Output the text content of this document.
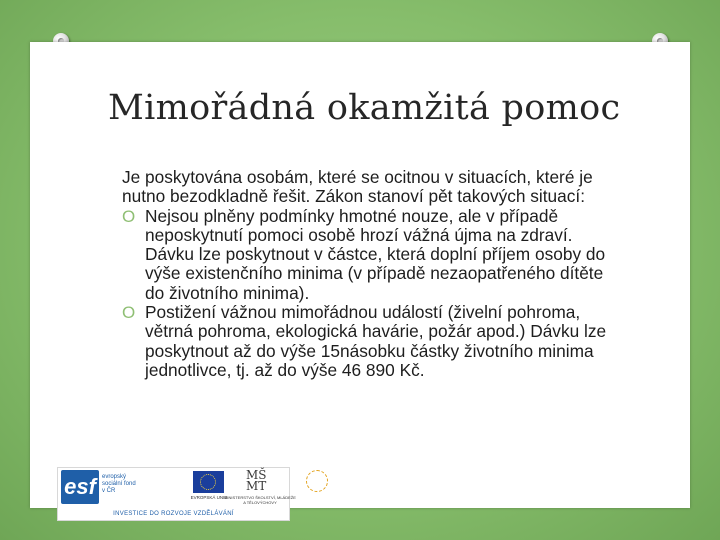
Mimořádná okamžitá pomoc

Je poskytována osobám, které se ocitnou v situacích, které je nutno bezodkladně řešit. Zákon stanoví pět takových situací:

O Nejsou plněny podmínky hmotné nouze, ale v případě neposkytnutí pomoci osobě hrozí vážná újma na zdraví. Dávku lze poskytnout v částce, která doplní příjem osoby do výše existenčního minima (v případě nezaopatřeného dítěte do životního minima).
O Postižení vážnou mimořádnou událostí (živelní pohroma, větrná pohroma, ekologická havárie, požár apod.) Dávku lze poskytnout až do výše 15násobku částky životního minima jednotlivce, tj. až do výše 46 890 Kč.
esf	evropský sociální fond v ČR
EVROPSKÁ UNIE
MŠ MT
MINISTERSTVO ŠKOLSTVÍ, MLÁDEŽE A TĚLOVÝCHOVY
INVESTICE DO ROZVOJE VZDĚLÁVÁNÍ
